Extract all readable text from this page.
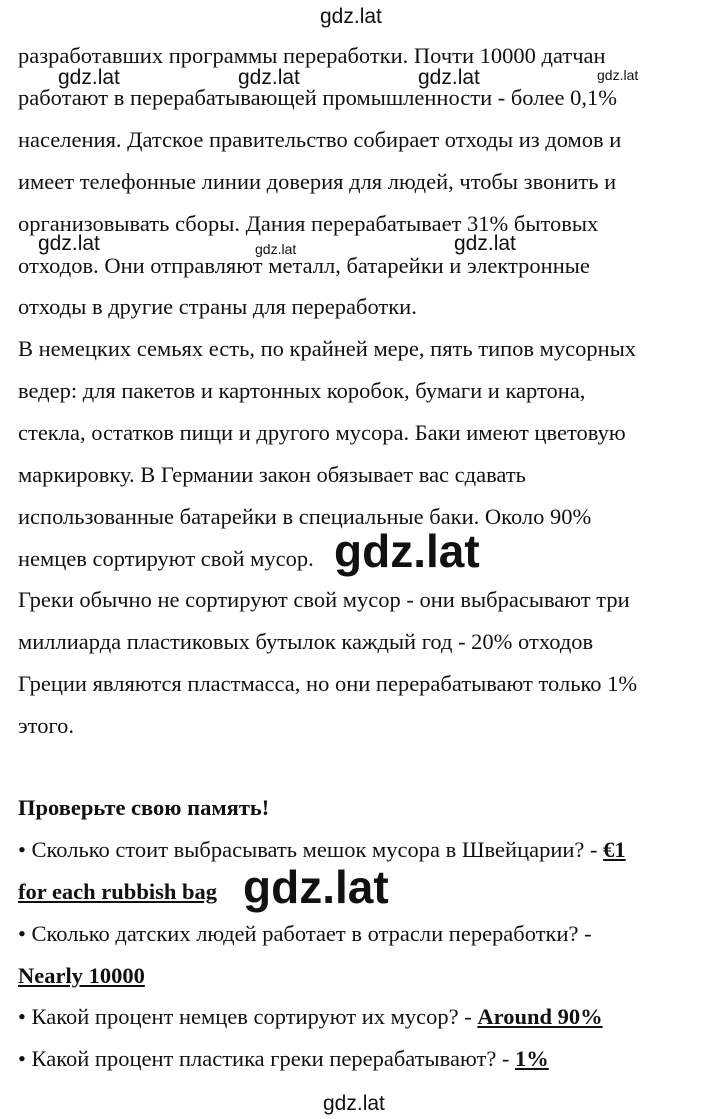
разработавших программы переработки. Почти 10000 датчан
работают в перерабатывающей промышленности - более 0,1%
населения. Датское правительство собирает отходы из домов и
имеет телефонные линии доверия для людей, чтобы звонить и
организовывать сборы. Дания перерабатывает 31% бытовых
отходов. Они отправляют металл, батарейки и электронные
отходы в другие страны для переработки.
В немецких семьях есть, по крайней мере, пять типов мусорных
ведер: для пакетов и картонных коробок, бумаги и картона,
стекла, остатков пищи и другого мусора. Баки имеют цветовую
маркировку. В Германии закон обязывает вас сдавать
использованные батарейки в специальные баки. Около 90%
немцев сортируют свой мусор.
Греки обычно не сортируют свой мусор - они выбрасывают три
миллиарда пластиковых бутылок каждый год - 20% отходов
Греции являются пластмасса, но они перерабатывают только 1%
этого.
Проверьте свою память!
• Сколько стоит выбрасывать мешок мусора в Швейцарии? - €1
for each rubbish bag
• Сколько датских людей работает в отрасли переработки? -
Nearly 10000
• Какой процент немцев сортируют их мусор? - Around 90%
• Какой процент пластика греки перерабатывают? - 1%
gdz.lat
gdz.lat	gdz.lat	gdz.lat	gdz.lat
gdz.lat	gdz.lat	gdz.lat
gdz.lat
gdz.lat
gdz.lat
